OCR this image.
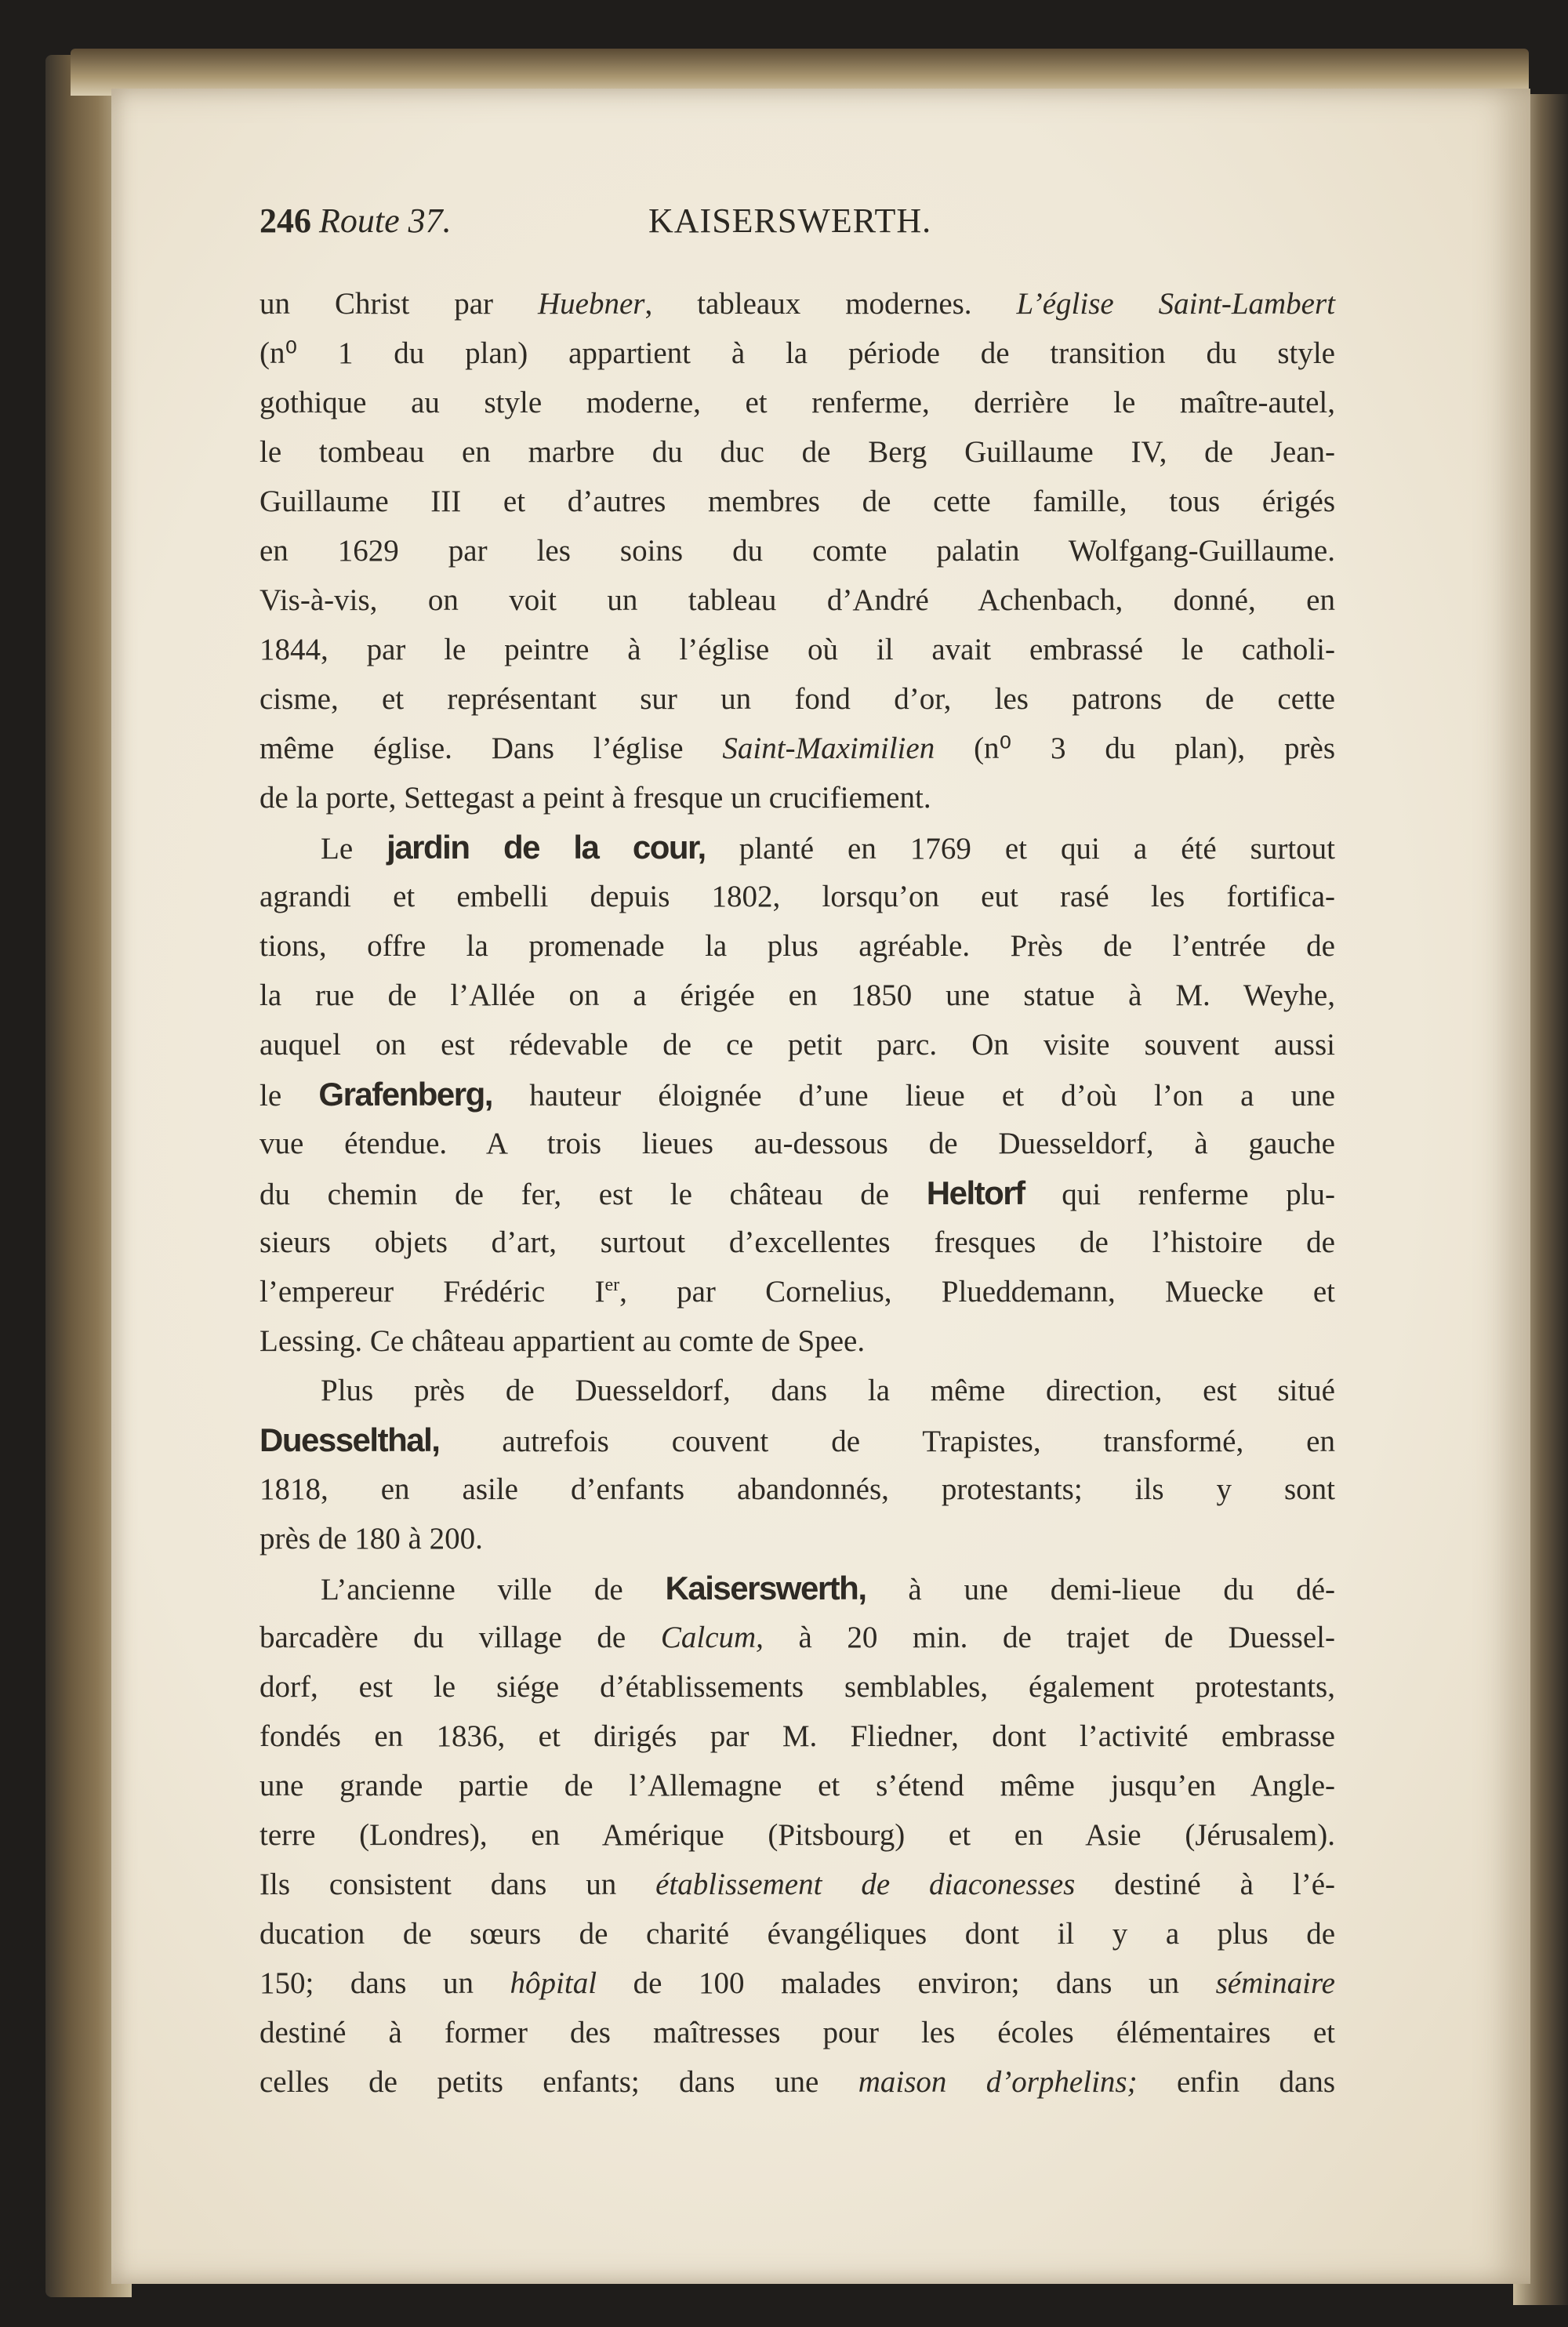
246 Route 37.	KAISERSWERTH.
un Christ par Huebner, tableaux modernes. L’église Saint-Lambert
(n⁰ 1 du plan) appartient à la période de transition du style
gothique au style moderne, et renferme, derrière le maître-autel,
le tombeau en marbre du duc de Berg Guillaume IV, de Jean-
Guillaume III et d’autres membres de cette famille, tous érigés
en 1629 par les soins du comte palatin Wolfgang-Guillaume.
Vis-à-vis, on voit un tableau d’André Achenbach, donné, en
1844, par le peintre à l’église où il avait embrassé le catholi-
cisme, et représentant sur un fond d’or, les patrons de cette
même église. Dans l’église Saint-Maximilien (n⁰ 3 du plan), près
de la porte, Settegast a peint à fresque un crucifiement.
Le jardin de la cour, planté en 1769 et qui a été surtout
agrandi et embelli depuis 1802, lorsqu’on eut rasé les fortifica-
tions, offre la promenade la plus agréable. Près de l’entrée de
la rue de l’Allée on a érigée en 1850 une statue à M. Weyhe,
auquel on est rédevable de ce petit parc. On visite souvent aussi
le Grafenberg, hauteur éloignée d’une lieue et d’où l’on a une
vue étendue. A trois lieues au-dessous de Duesseldorf, à gauche
du chemin de fer, est le château de Heltorf qui renferme plu-
sieurs objets d’art, surtout d’excellentes fresques de l’histoire de
l’empereur Frédéric Ier, par Cornelius, Plueddemann, Muecke et
Lessing. Ce château appartient au comte de Spee.
Plus près de Duesseldorf, dans la même direction, est situé
Duesselthal, autrefois couvent de Trapistes, transformé, en
1818, en asile d’enfants abandonnés, protestants; ils y sont
près de 180 à 200.
L’ancienne ville de Kaiserswerth, à une demi-lieue du dé-
barcadère du village de Calcum, à 20 min. de trajet de Duessel-
dorf, est le siége d’établissements semblables, également protestants,
fondés en 1836, et dirigés par M. Fliedner, dont l’activité embrasse
une grande partie de l’Allemagne et s’étend même jusqu’en Angle-
terre (Londres), en Amérique (Pitsbourg) et en Asie (Jérusalem).
Ils consistent dans un établissement de diaconesses destiné à l’é-
ducation de sœurs de charité évangéliques dont il y a plus de
150; dans un hôpital de 100 malades environ; dans un séminaire
destiné à former des maîtresses pour les écoles élémentaires et
celles de petits enfants; dans une maison d’orphelins; enfin dans
